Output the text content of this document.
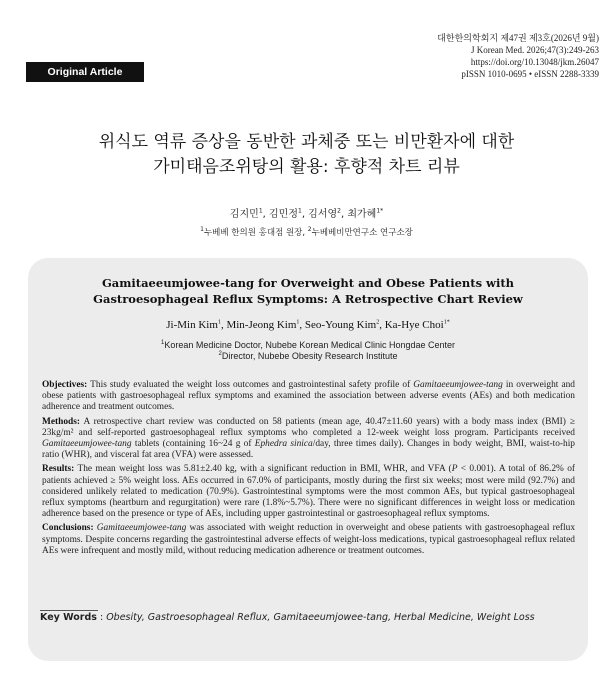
Original Article
대한한의학회지 제47권 제3호(2026년 9월)
J Korean Med. 2026;47(3):249-263
https://doi.org/10.13048/jkm.26047
pISSN 1010-0695 • eISSN 2288-3339
위식도 역류 증상을 동반한 과체중 또는 비만환자에 대한
가미태음조위탕의 활용: 후향적 차트 리뷰
김지민$^1$, 김민정$^1$, 김서영$^2$, 최가혜$^{1*}$
$^1$누베베 한의원 홍대점 원장, $^2$누베베비만연구소 연구소장
Gamitaeeumjowee-tang for Overweight and Obese Patients with
Gastroesophageal Reflux Symptoms: A Retrospective Chart Review
Ji-Min Kim$^1$, Min-Jeong Kim$^1$, Seo-Young Kim$^2$, Ka-Hye Choi$^{1*}$
$^1$Korean Medicine Doctor, Nubebe Korean Medical Clinic Hongdae Center
$^2$Director, Nubebe Obesity Research Institute

Objectives: This study evaluated the weight loss outcomes and gastrointestinal safety profile of Gamitaeeumjowee-tang in overweight and obese patients with gastroesophageal reflux symptoms and examined the association between adverse events (AEs) and both medication adherence and treatment outcomes.

Methods: A retrospective chart review was conducted on 58 patients (mean age, 40.47±11.60 years) with a body mass index (BMI) ≥ 23kg/m² and self-reported gastroesophageal reflux symptoms who completed a 12-week weight loss program. Participants received Gamitaeeumjowee-tang tablets (containing 16~24 g of Ephedra sinica/day, three times daily). Changes in body weight, BMI, waist-to-hip ratio (WHR), and visceral fat area (VFA) were assessed.

Results: The mean weight loss was 5.81±2.40 kg, with a significant reduction in BMI, WHR, and VFA (P < 0.001). A total of 86.2% of patients achieved ≥ 5% weight loss. AEs occurred in 67.0% of participants, mostly during the first six weeks; most were mild (92.7%) and considered unlikely related to medication (70.9%). Gastrointestinal symptoms were the most common AEs, but typical gastroesophageal reflux symptoms (heartburn and regurgitation) were rare (1.8%~5.7%). There were no significant differences in weight loss or medication adherence based on the presence or type of AEs, including upper gastrointestinal or gastroesophageal reflux symptoms.

Conclusions: Gamitaeeumjowee-tang was associated with weight reduction in overweight and obese patients with gastroesophageal reflux symptoms. Despite concerns regarding the gastrointestinal adverse effects of weight-loss medications, typical gastroesophageal reflux related AEs were infrequent and mostly mild, without reducing medication adherence or treatment outcomes.

Key Words : Obesity, Gastroesophageal Reflux, Gamitaeeumjowee-tang, Herbal Medicine, Weight Loss
